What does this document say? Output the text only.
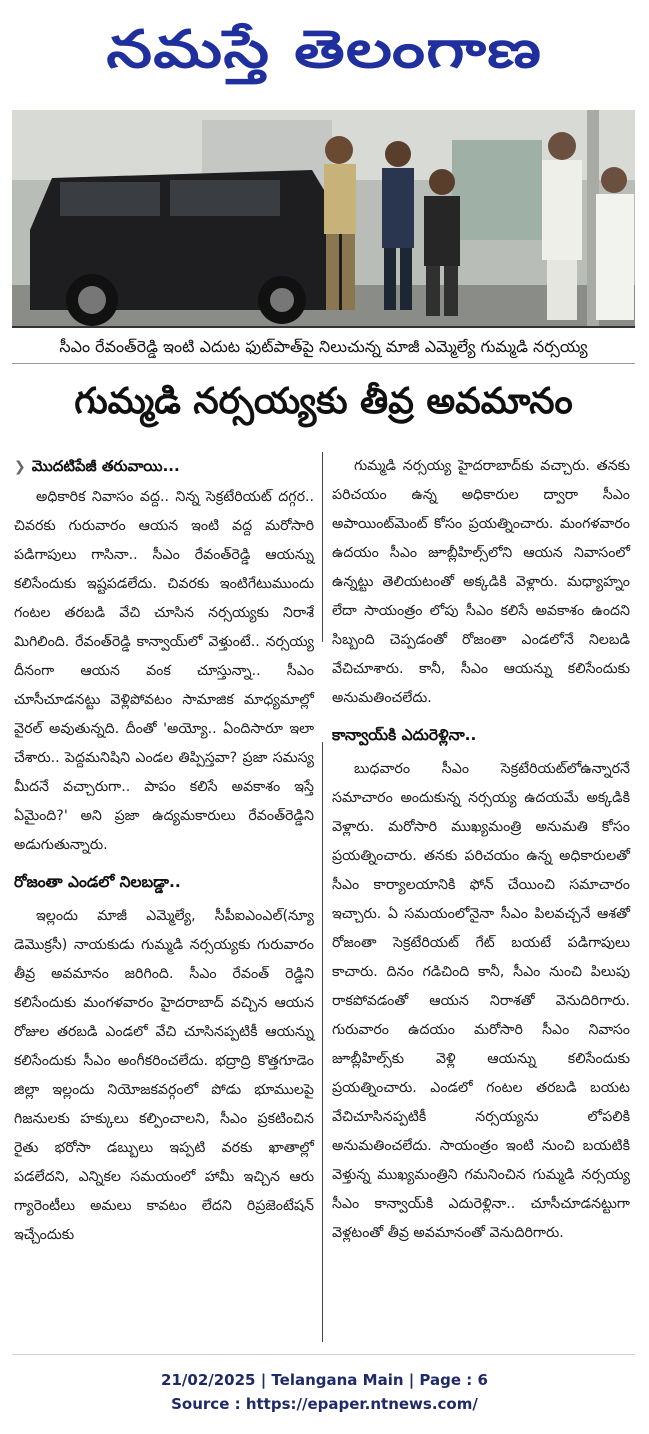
నమస్తే తెలంగాణ
సీఎం రేవంత్‌రెడ్డి ఇంటి ఎదుట ఫుట్‌పాత్‌పై నిలుచున్న మాజీ ఎమ్మెల్యే గుమ్మడి నర్సయ్య
గుమ్మడి నర్సయ్యకు తీవ్ర అవమానం
❯ మొదటిపేజీ తరువాయి...

అధికారిక నివాసం వద్ద.. నిన్న సెక్రటేరియట్ దగ్గర.. చివరకు గురువారం ఆయన ఇంటి వద్ద మరోసారి పడిగాపులు గాసినా.. సీఎం రేవంత్‌రెడ్డి ఆయన్ను కలిసేందుకు ఇష్టపడలేదు. చివరకు ఇంటిగేటుముందు గంటల తరబడి వేచి చూసిన నర్సయ్యకు నిరాశే మిగిలింది. రేవంత్‌రెడ్డి కాన్వాయ్‌లో వెళ్తుంటే.. నర్సయ్య దీనంగా ఆయన వంక చూస్తున్నా.. సీఎం చూసీచూడనట్టు వెళ్లిపోవటం సామాజిక మాధ్యమాల్లో వైరల్ అవుతున్నది. దీంతో 'అయ్యో.. ఏందిసారూ ఇలా చేశారు.. పెద్దమనిషిని ఎండల తిప్పిస్తవా? ప్రజా సమస్య మీదనే వచ్చారుగా.. పాపం కలిసే అవకాశం ఇస్తే ఏమైంది?' అని ప్రజా ఉద్యమకారులు రేవంత్‌రెడ్డిని అడుగుతున్నారు.

రోజంతా ఎండలో నిలబడ్డా..

ఇల్లందు మాజీ ఎమ్మెల్యే, సీపీఐఎంఎల్(న్యూ డెమొక్రసీ) నాయకుడు గుమ్మడి నర్సయ్యకు గురువారం తీవ్ర అవమానం జరిగింది. సీఎం రేవంత్ రెడ్డిని కలిసేందుకు మంగళవారం హైదరాబాద్ వచ్చిన ఆయన రోజుల తరబడి ఎండలో వేచి చూసినప్పటికీ ఆయన్ను కలిసేందుకు సీఎం అంగీకరించలేదు. భద్రాద్రి కొత్తగూడెం జిల్లా ఇల్లందు నియోజకవర్గంలో పోడు భూములపై గిజనులకు హక్కులు కల్పించాలని, సీఎం ప్రకటించిన రైతు భరోసా డబ్బులు ఇప్పటి వరకు ఖాతాల్లో పడలేదని, ఎన్నికల సమయంలో హామీ ఇచ్చిన ఆరు గ్యారెంటీలు అమలు కావటం లేదని రిప్రజెంటేషన్ ఇచ్చేందుకు

గుమ్మడి నర్సయ్య హైదరాబాద్‌కు వచ్చారు. తనకు పరిచయం ఉన్న అధికారుల ద్వారా సీఎం అపాయింట్‌మెంట్ కోసం ప్రయత్నించారు. మంగళవారం ఉదయం సీఎం జూబ్లీహిల్స్‌లోని ఆయన నివాసంలో ఉన్నట్టు తెలియటంతో అక్కడికి వెళ్లారు. మధ్యాహ్నం లేదా సాయంత్రం లోపు సీఎం కలిసే అవకాశం ఉందని సిబ్బంది చెప్పడంతో రోజంతా ఎండలోనే నిలబడి వేచిచూశారు. కానీ, సీఎం ఆయన్ను కలిసేందుకు అనుమతించలేదు.

కాన్వాయ్‌కి ఎదురెళ్లినా..

బుధవారం సీఎం సెక్రటేరియట్‌లోఉన్నారనే సమాచారం అందుకున్న నర్సయ్య ఉదయమే అక్కడికి వెళ్లారు. మరోసారి ముఖ్యమంత్రి అనుమతి కోసం ప్రయత్నించారు. తనకు పరిచయం ఉన్న అధికారులతో సీఎం కార్యాలయానికి ఫోన్ చేయించి సమాచారం ఇచ్చారు. ఏ సమయంలోనైనా సీఎం పిలవచ్చనే ఆశతో రోజంతా సెక్రటేరియట్ గేట్ బయటే పడిగాపులు కాచారు. దినం గడిచింది కానీ, సీఎం నుంచి పిలుపు రాకపోవడంతో ఆయన నిరాశతో వెనుదిరిగారు. గురువారం ఉదయం మరోసారి సీఎం నివాసం జూబ్లీహిల్స్‌కు వెళ్లి ఆయన్ను కలిసేందుకు ప్రయత్నించారు. ఎండలో గంటల తరబడి బయట వేచిచూసినప్పటికీ నర్సయ్యను లోపలికి అనుమతించలేదు. సాయంత్రం ఇంటి నుంచి బయటికి వెళ్తున్న ముఖ్యమంత్రిని గమనించిన గుమ్మడి నర్సయ్య సీఎం కాన్వాయ్‌కి ఎదురెళ్లినా.. చూసీచూడనట్టుగా వెళ్లటంతో తీవ్ర అవమానంతో వెనుదిరిగారు.

21/02/2025 | Telangana Main | Page : 6
Source : https://epaper.ntnews.com/
